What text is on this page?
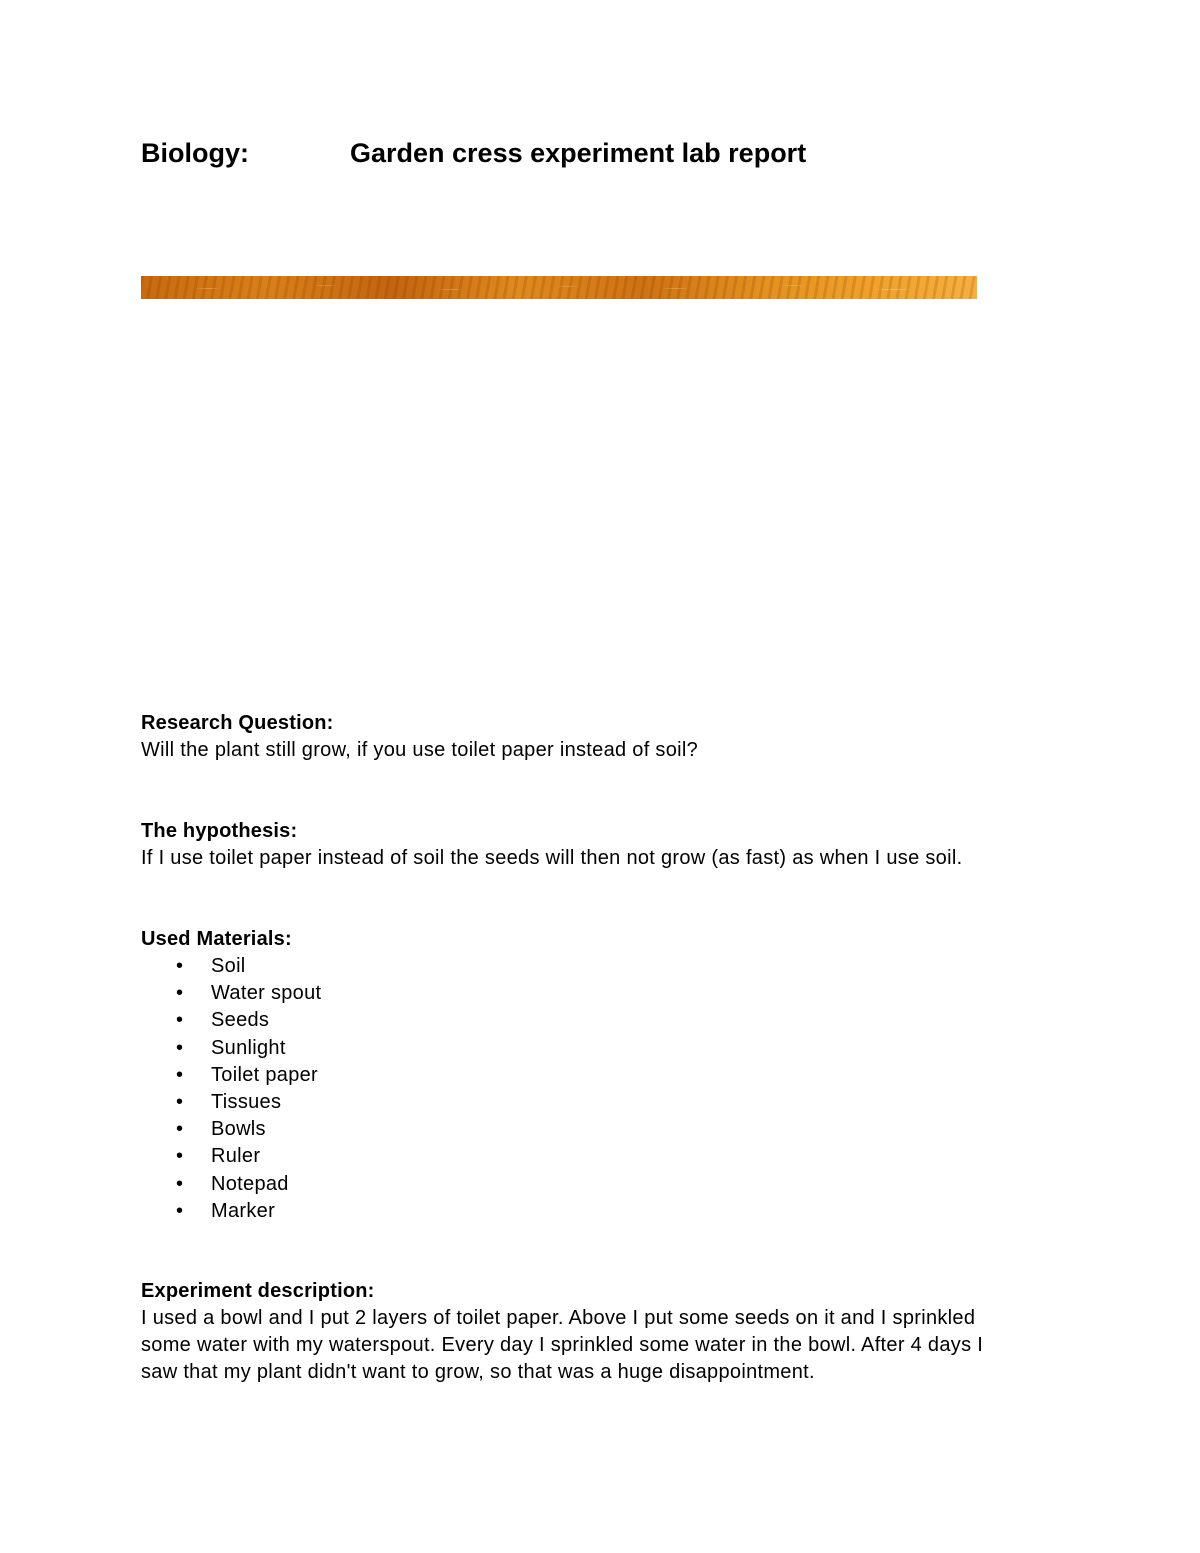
Biology:	Garden cress experiment lab report

Research Question:

Will the plant still grow, if you use toilet paper instead of soil?

The hypothesis:

If I use toilet paper instead of soil the seeds will then not grow (as fast) as when I use soil.

Used Materials:

• Soil
• Water spout
• Seeds
• Sunlight
• Toilet paper
• Tissues
• Bowls
• Ruler
• Notepad
• Marker

Experiment description:

I used a bowl and I put 2 layers of toilet paper. Above I put some seeds on it and I sprinkled

some water with my waterspout. Every day I sprinkled some water in the bowl. After 4 days I

saw that my plant didn't want to grow, so that was a huge disappointment.
